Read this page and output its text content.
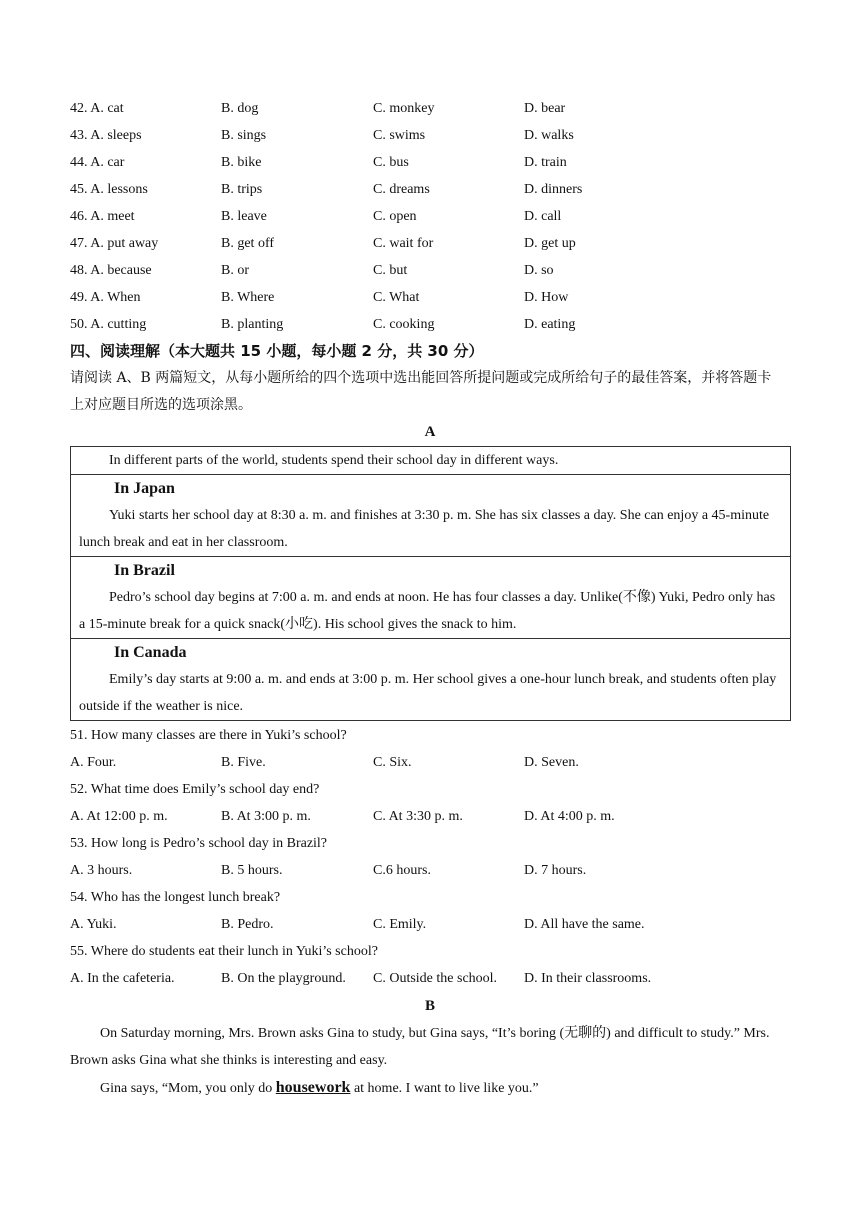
42. A. cat	B. dog	C. monkey	D. bear
43. A. sleeps	B. sings	C. swims	D. walks
44. A. car	B. bike	C. bus	D. train
45. A. lessons	B. trips	C. dreams	D. dinners
46. A. meet	B. leave	C. open	D. call
47. A. put away	B. get off	C. wait for	D. get up
48. A. because	B. or	C. but	D. so
49. A. When	B. Where	C. What	D. How
50. A. cutting	B. planting	C. cooking	D. eating
四、阅读理解（本大题共 15 小题，每小题 2 分，共 30 分）
请阅读 A、B 两篇短文，从每小题所给的四个选项中选出能回答所提问题或完成所给句子的最佳答案，并将答题卡上对应题目所选的选项涂黑。
A
In different parts of the world, students spend their school day in different ways.

In Japan
Yuki starts her school day at 8:30 a. m. and finishes at 3:30 p. m. She has six classes a day. She can enjoy a 45-minute lunch break and eat in her classroom.

In Brazil
Pedro’s school day begins at 7:00 a. m. and ends at noon. He has four classes a day. Unlike(不像) Yuki, Pedro only has a 15-minute break for a quick snack(小吃). His school gives the snack to him.

In Canada
Emily’s day starts at 9:00 a. m. and ends at 3:00 p. m. Her school gives a one-hour lunch break, and students often play outside if the weather is nice.
51. How many classes are there in Yuki’s school?
A. Four.	B. Five.	C. Six.	D. Seven.
52. What time does Emily’s school day end?
A. At 12:00 p. m.	B. At 3:00 p. m.	C. At 3:30 p. m.	D. At 4:00 p. m.
53. How long is Pedro’s school day in Brazil?
A. 3 hours.	B. 5 hours.	C.6 hours.	D. 7 hours.
54. Who has the longest lunch break?
A. Yuki.	B. Pedro.	C. Emily.	D. All have the same.
55. Where do students eat their lunch in Yuki’s school?
A. In the cafeteria.	B. On the playground. C. Outside the school. D. In their classrooms.
B
On Saturday morning, Mrs. Brown asks Gina to study, but Gina says, “It’s boring (无聊的) and difficult to study.” Mrs. Brown asks Gina what she thinks is interesting and easy.
Gina says, “Mom, you only do housework at home. I want to live like you.”
